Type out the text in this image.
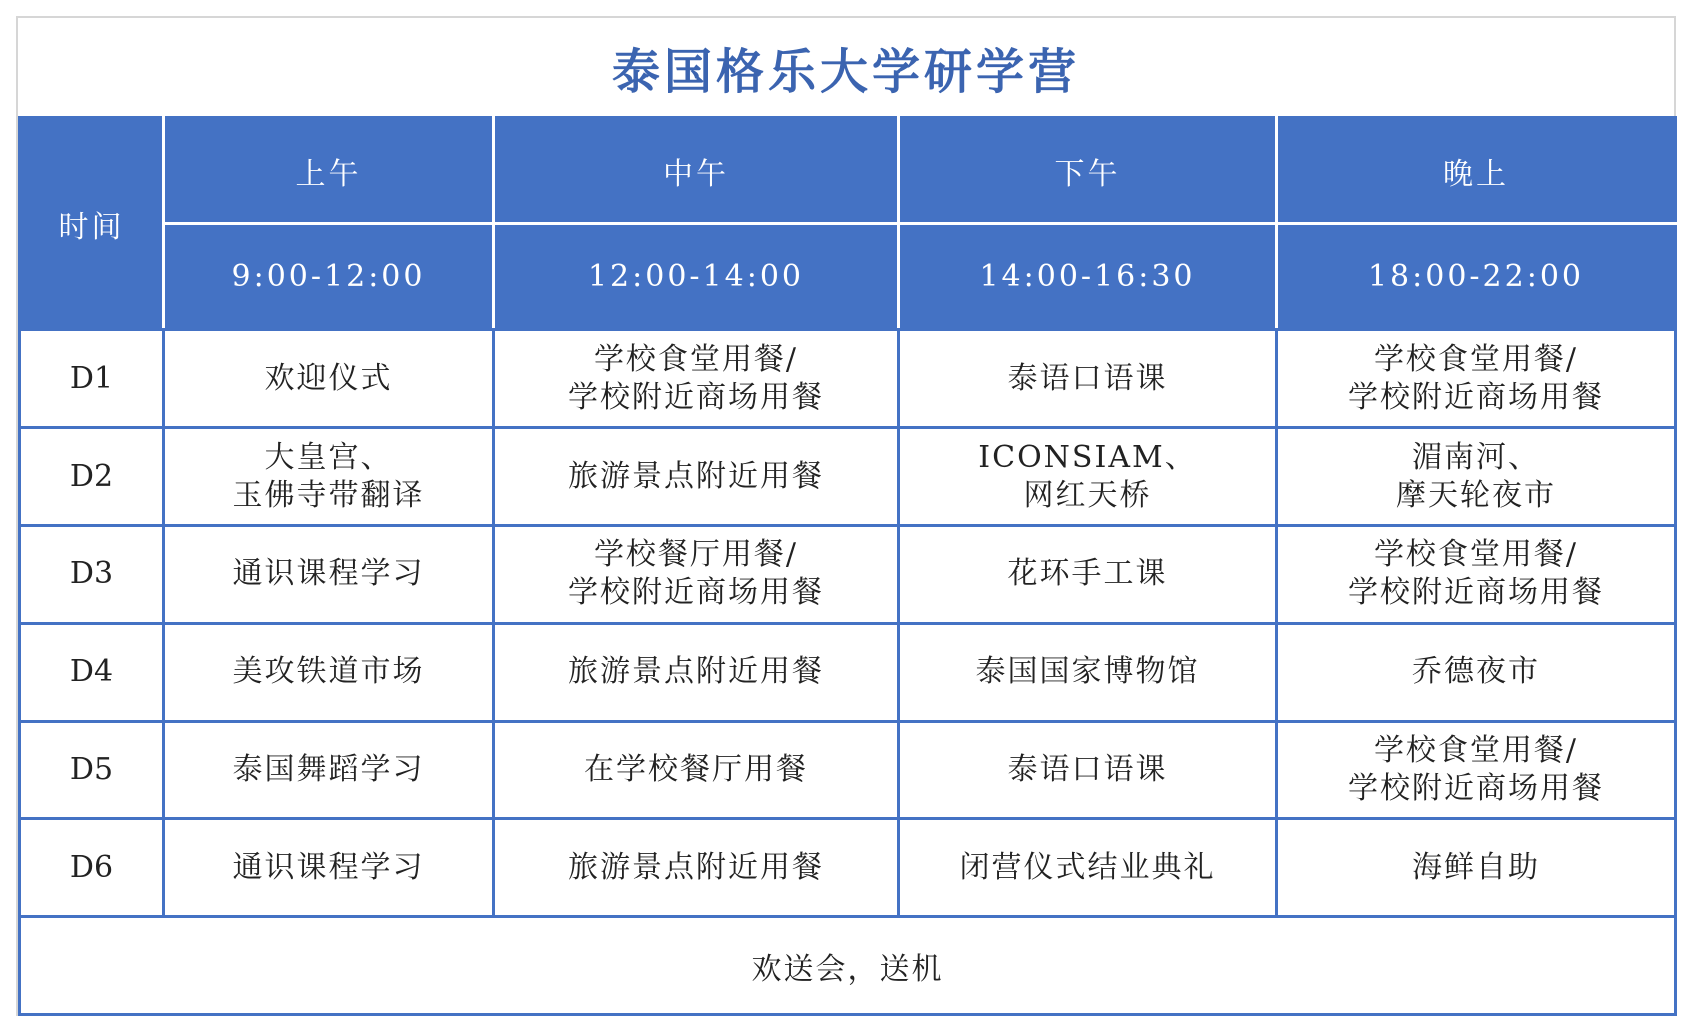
泰国格乐大学研学营
时间	上午	中午	下午	晚上
	9:00-12:00	12:00-14:00	14:00-16:30	18:00-22:00
D1	欢迎仪式	学校食堂用餐/
学校附近商场用餐	泰语口语课	学校食堂用餐/
学校附近商场用餐

D2	大皇宫、
玉佛寺带翻译	旅游景点附近用餐	ICONSIAM、
网红天桥	湄南河、
摩天轮夜市

D3	通识课程学习	学校餐厅用餐/
学校附近商场用餐	花环手工课	学校食堂用餐/
学校附近商场用餐

D4	美攻铁道市场	旅游景点附近用餐	泰国国家博物馆	乔德夜市

D5	泰国舞蹈学习	在学校餐厅用餐	泰语口语课	学校食堂用餐/
学校附近商场用餐

D6	通识课程学习	旅游景点附近用餐	闭营仪式结业典礼	海鲜自助

欢送会，送机				
